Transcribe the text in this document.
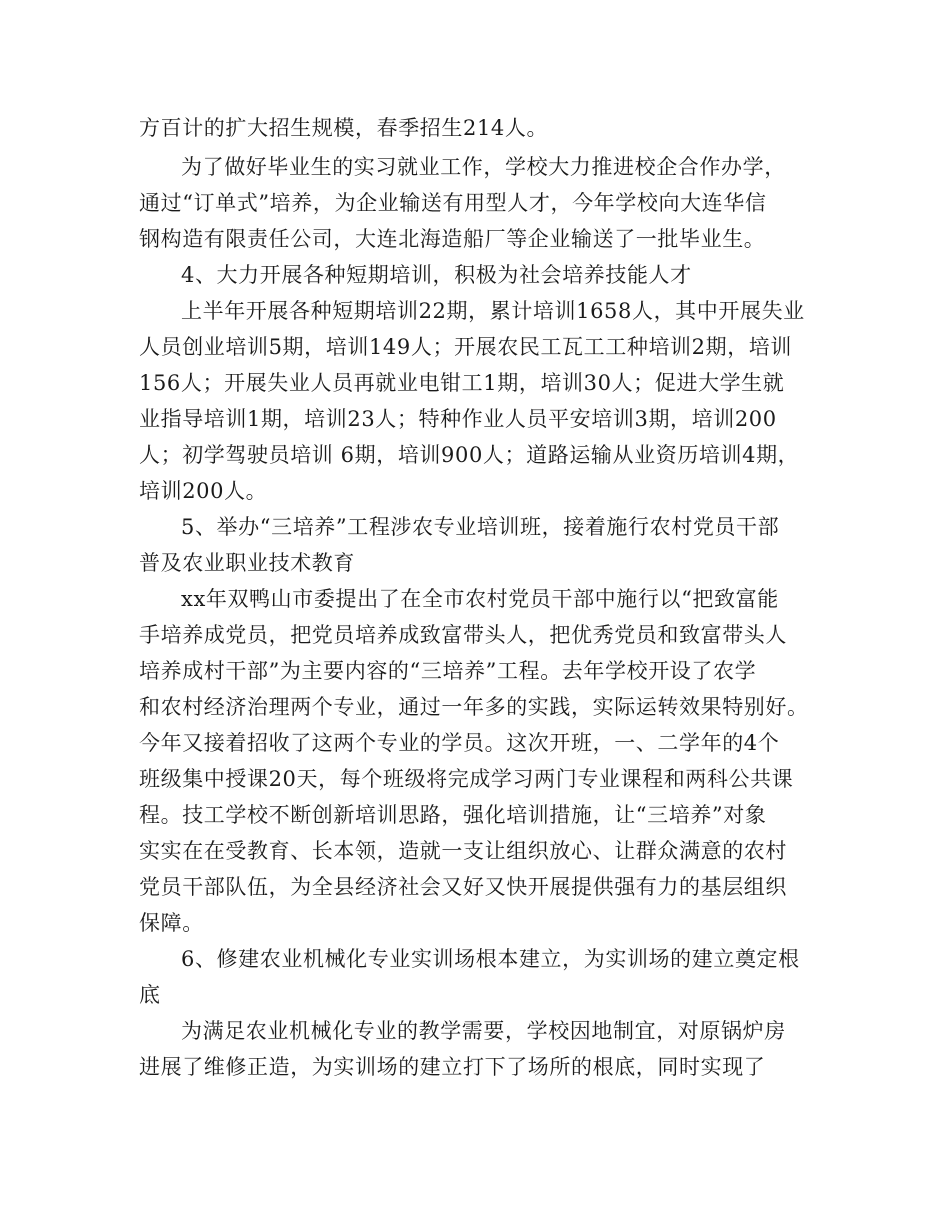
方百计的扩大招生规模，春季招生214人。
为了做好毕业生的实习就业工作，学校大力推进校企合作办学，
通过“订单式”培养，为企业输送有用型人才，今年学校向大连华信
钢构造有限责任公司，大连北海造船厂等企业输送了一批毕业生。
4、大力开展各种短期培训，积极为社会培养技能人才
上半年开展各种短期培训22期，累计培训1658人，其中开展失业
人员创业培训5期，培训149人；开展农民工瓦工工种培训2期，培训
156人；开展失业人员再就业电钳工1期，培训30人；促进大学生就
业指导培训1期，培训23人；特种作业人员平安培训3期，培训200
人；初学驾驶员培训 6期，培训900人；道路运输从业资历培训4期，
培训200人。
5、举办“三培养”工程涉农专业培训班，接着施行农村党员干部
普及农业职业技术教育
xx年双鸭山市委提出了在全市农村党员干部中施行以“把致富能
手培养成党员，把党员培养成致富带头人，把优秀党员和致富带头人
培养成村干部”为主要内容的“三培养”工程。去年学校开设了农学
和农村经济治理两个专业，通过一年多的实践，实际运转效果特别好。
今年又接着招收了这两个专业的学员。这次开班，一、二学年的4个
班级集中授课20天，每个班级将完成学习两门专业课程和两科公共课
程。技工学校不断创新培训思路，强化培训措施，让“三培养”对象
实实在在受教育、长本领，造就一支让组织放心、让群众满意的农村
党员干部队伍，为全县经济社会又好又快开展提供强有力的基层组织
保障。
6、修建农业机械化专业实训场根本建立，为实训场的建立奠定根
底
为满足农业机械化专业的教学需要，学校因地制宜，对原锅炉房
进展了维修正造，为实训场的建立打下了场所的根底，同时实现了
